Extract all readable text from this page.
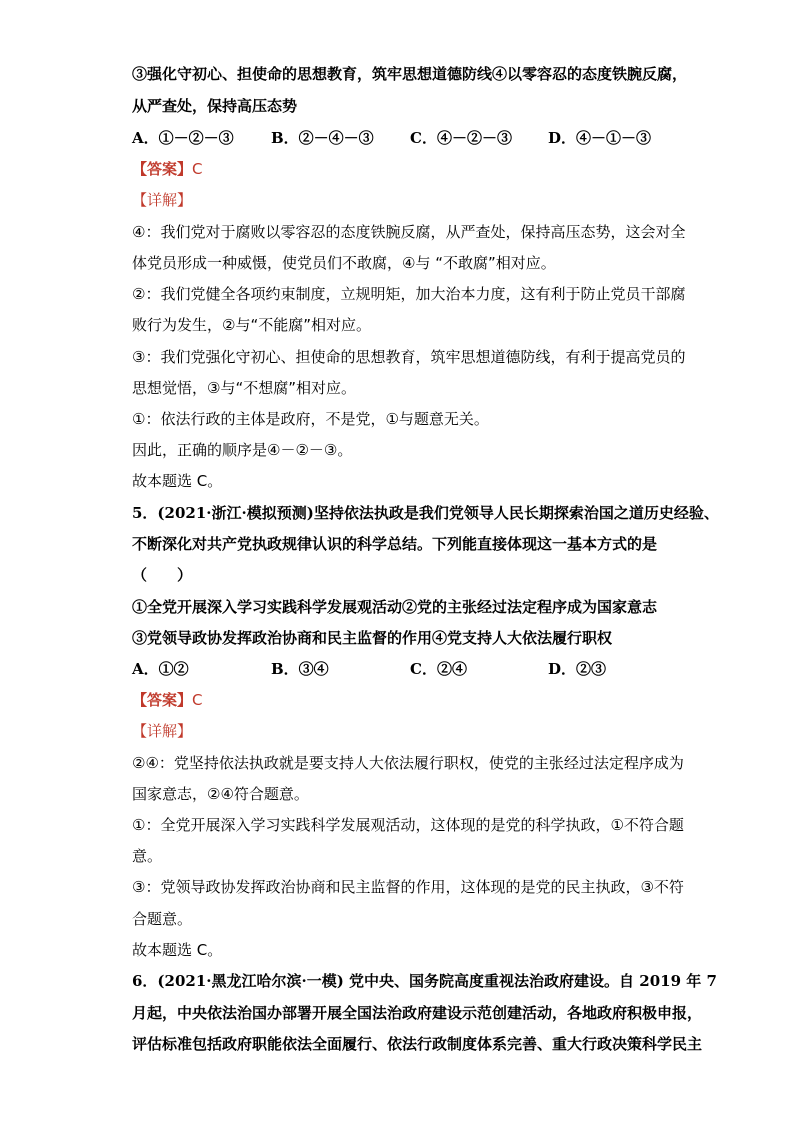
③强化守初心、担使命的思想教育，筑牢思想道德防线④以零容忍的态度铁腕反腐，
从严查处，保持高压态势
A．①－②－③ B．②－④－③ C．④－②－③ D．④－①－③
【答案】C
【详解】
④：我们党对于腐败以零容忍的态度铁腕反腐，从严查处，保持高压态势，这会对全
体党员形成一种威慑，使党员们不敢腐，④与 “不敢腐”相对应。
②：我们党健全各项约束制度，立规明矩，加大治本力度，这有利于防止党员干部腐
败行为发生，②与“不能腐”相对应。
③：我们党强化守初心、担使命的思想教育，筑牢思想道德防线，有利于提高党员的
思想觉悟，③与“不想腐”相对应。
①：依法行政的主体是政府，不是党，①与题意无关。
因此，正确的顺序是④－②－③。
故本题选 C。
5．(2021·浙江·模拟预测)坚持依法执政是我们党领导人民长期探索治国之道历史经验、
不断深化对共产党执政规律认识的科学总结。下列能直接体现这一基本方式的是
（　　）
①全党开展深入学习实践科学发展观活动②党的主张经过法定程序成为国家意志
③党领导政协发挥政治协商和民主监督的作用④党支持人大依法履行职权
A．①②	B．③④	C．②④	D．②③
【答案】C
【详解】
②④：党坚持依法执政就是要支持人大依法履行职权，使党的主张经过法定程序成为
国家意志，②④符合题意。
①：全党开展深入学习实践科学发展观活动，这体现的是党的科学执政，①不符合题
意。
③：党领导政协发挥政治协商和民主监督的作用，这体现的是党的民主执政，③不符
合题意。
故本题选 C。
6．(2021·黑龙江哈尔滨·一模) 党中央、国务院高度重视法治政府建设。自 2019 年 7
月起，中央依法治国办部署开展全国法治政府建设示范创建活动，各地政府积极申报，
评估标准包括政府职能依法全面履行、依法行政制度体系完善、重大行政决策科学民主
